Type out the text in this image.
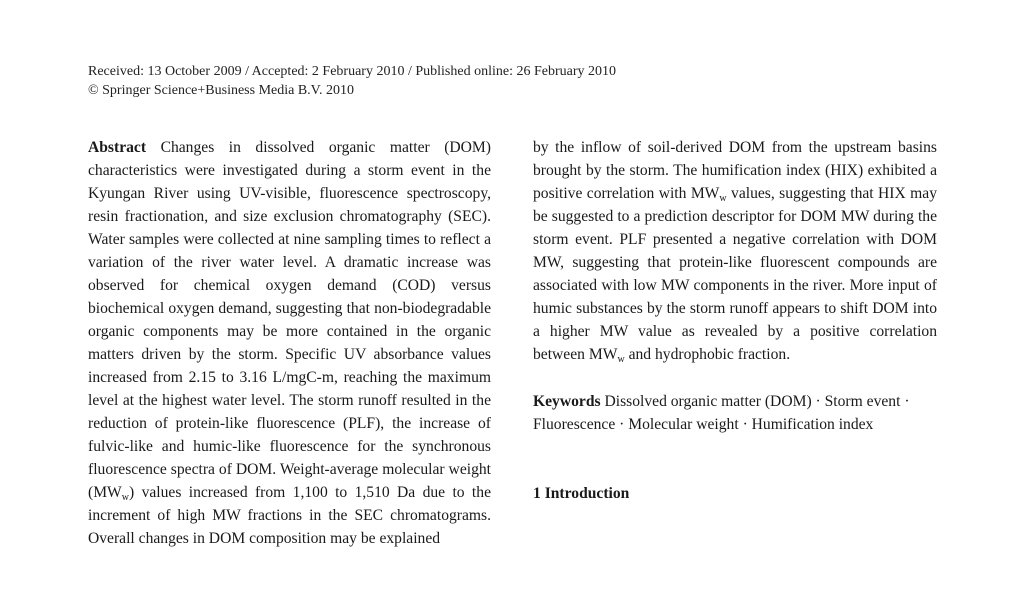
Received: 13 October 2009 / Accepted: 2 February 2010 / Published online: 26 February 2010
© Springer Science+Business Media B.V. 2010

Abstract Changes in dissolved organic matter (DOM) characteristics were investigated during a storm event in the Kyungan River using UV-visible, fluorescence spectroscopy, resin fractionation, and size exclusion chromatography (SEC). Water samples were collected at nine sampling times to reflect a variation of the river water level. A dramatic increase was observed for chemical oxygen demand (COD) versus biochemical oxygen demand, suggesting that non-biodegradable organic components may be more contained in the organic matters driven by the storm. Specific UV absorbance values increased from 2.15 to 3.16 L/mgC-m, reaching the maximum level at the highest water level. The storm runoff resulted in the reduction of protein-like fluorescence (PLF), the increase of fulvic-like and humic-like fluorescence for the synchronous fluorescence spectra of DOM. Weight-average molecular weight $(MW_w)$ values increased from 1,100 to 1,510 Da due to the increment of high MW fractions in the SEC chromatograms. Overall changes in DOM composition may be explained

by the inflow of soil-derived DOM from the upstream basins brought by the storm. The humification index (HIX) exhibited a positive correlation with $MW_w$ values, suggesting that HIX may be suggested to a prediction descriptor for DOM MW during the storm event. PLF presented a negative correlation with DOM MW, suggesting that protein-like fluorescent compounds are associated with low MW components in the river. More input of humic substances by the storm runoff appears to shift DOM into a higher MW value as revealed by a positive correlation between $MW_w$ and hydrophobic fraction.

Keywords Dissolved organic matter (DOM) · Storm event · Fluorescence · Molecular weight · Humification index

1 Introduction
